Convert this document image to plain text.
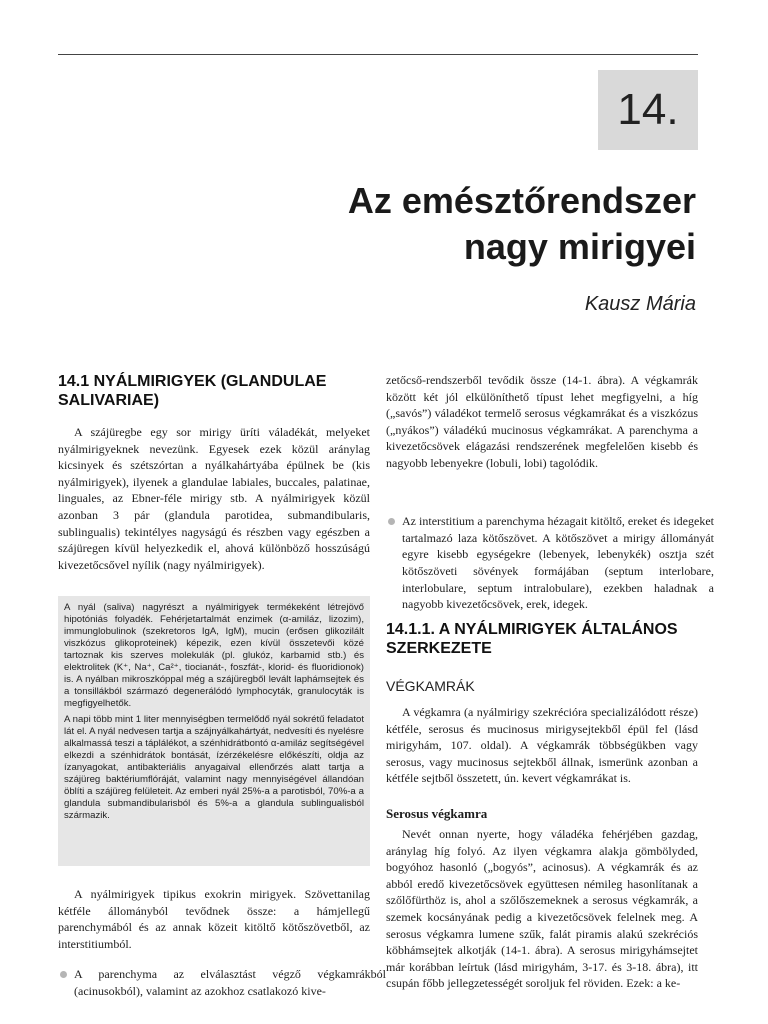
14.
Az emésztőrendszer
nagy mirigyei
Kausz Mária
14.1 NYÁLMIRIGYEK (GLANDULAE
SALIVARIAE)

A szájüregbe egy sor mirigy üríti váladékát, melyeket nyálmirigyeknek nevezünk. Egyesek ezek közül aránylag kicsinyek és szétszórtan a nyálkahártyába épülnek be (kis nyálmirigyek), ilyenek a glandulae labiales, buccales, palatinae, linguales, az Ebner-féle mirigy stb. A nyálmirigyek közül azonban 3 pár (glandula parotidea, submandibularis, sublingualis) tekintélyes nagyságú és részben vagy egészben a szájüregen kívül helyezkedik el, ahová különböző hosszúságú kivezetőcsővel nyílik (nagy nyálmirigyek).

A nyál (saliva) nagyrészt a nyálmirigyek termékeként létrejövő hipotóniás folyadék. Fehérjetartalmát enzimek (α-amiláz, lizozim), immunglobulinok (szekretoros IgA, IgM), mucin (erősen glikozilált viszkózus glikoproteinek) képezik, ezen kívül összetevői közé tartoznak kis szerves molekulák (pl. glukóz, karbamid stb.) és elektrolitek (K⁺, Na⁺, Ca²⁺, tiocianát-, foszfát-, klorid- és fluoridionok) is. A nyálban mikroszkóppal még a szájüregből levált laphámsejtek és a tonsillákból származó degenerálódó lymphocyták, granulocyták is megfigyelhetők.

A napi több mint 1 liter mennyiségben termelődő nyál sokrétű feladatot lát el. A nyál nedvesen tartja a szájnyálkahártyát, nedvesíti és nyelésre alkalmassá teszi a táplálékot, a szénhidrátbontó α-amiláz segítségével elkezdi a szénhidrátok bontását, ízérzékelésre előkészíti, oldja az ízanyagokat, antibakteriális anyagaival ellenőrzés alatt tartja a szájüreg baktériumflóráját, valamint nagy mennyiségével állandóan öblíti a szájüreg felületeit. Az emberi nyál 25%-a a parotisból, 70%-a a glandula submandibularisból és 5%-a a glandula sublingualisból származik.

A nyálmirigyek tipikus exokrin mirigyek. Szövettanilag kétféle állományból tevődnek össze: a hámjellegű parenchymából és az annak közeit kitöltő kötőszövetből, az interstitiumból.

A parenchyma az elválasztást végző végkamrákból (acinusokból), valamint az azokhoz csatlakozó kive-

zetőcső-rendszerből tevődik össze (14-1. ábra). A végkamrák között két jól elkülöníthető típust lehet megfigyelni, a híg („savós”) váladékot termelő serosus végkamrákat és a viszkózus („nyákos”) váladékú mucinosus végkamrákat. A parenchyma a kivezetőcsövek elágazási rendszerének megfelelően kisebb és nagyobb lebenyekre (lobuli, lobi) tagolódik.

Az interstitium a parenchyma hézagait kitöltő, ereket és idegeket tartalmazó laza kötőszövet. A kötőszövet a mirigy állományát egyre kisebb egységekre (lebenyek, lebenykék) osztja szét kötőszöveti sövények formájában (septum interlobare, interlobulare, septum intralobulare), ezekben haladnak a nagyobb kivezetőcsövek, erek, idegek.
14.1.1. A NYÁLMIRIGYEK ÁLTALÁNOS
SZERKEZETE
VÉGKAMRÁK

A végkamra (a nyálmirigy szekrécióra specializálódott része) kétféle, serosus és mucinosus mirigysejtekből épül fel (lásd mirigyhám, 107. oldal). A végkamrák többségükben vagy serosus, vagy mucinosus sejtekből állnak, ismerünk azonban a kétféle sejtből összetett, ún. kevert végkamrákat is.

Serosus végkamra

Nevét onnan nyerte, hogy váladéka fehérjében gazdag, aránylag híg folyó. Az ilyen végkamra alakja gömbölyded, bogyóhoz hasonló („bogyós”, acinosus). A végkamrák és az abból eredő kivezetőcsövek együttesen némileg hasonlítanak a szőlőfürthöz is, ahol a szőlőszemeknek a serosus végkamrák, a szemek kocsányának pedig a kivezetőcsövek felelnek meg. A serosus végkamra lumene szűk, falát piramis alakú szekréciós köbhámsejtek alkotják (14-1. ábra). A serosus mirigyhámsejtet már korábban leírtuk (lásd mirigyhám, 3-17. és 3-18. ábra), itt csupán főbb jellegzetességét soroljuk fel röviden. Ezek: a ke-
